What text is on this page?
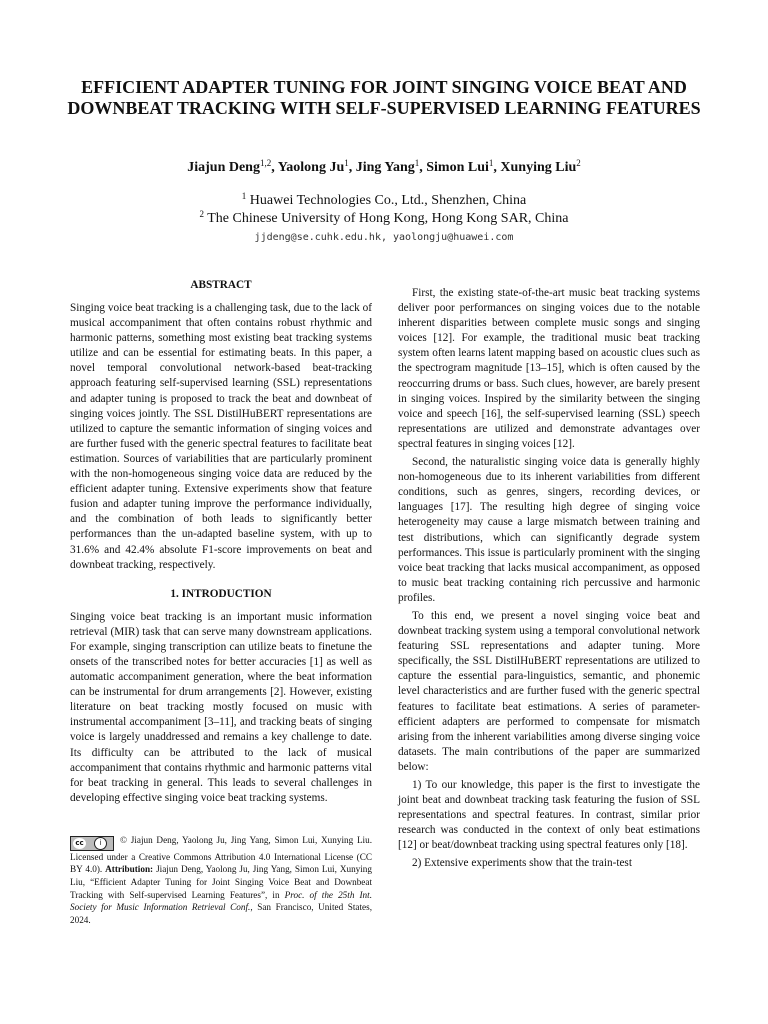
EFFICIENT ADAPTER TUNING FOR JOINT SINGING VOICE BEAT AND DOWNBEAT TRACKING WITH SELF-SUPERVISED LEARNING FEATURES
Jiajun Deng$^{1,2}$, Yaolong Ju$^1$, Jing Yang$^1$, Simon Lui$^1$, Xunying Liu$^2$
$^1$ Huawei Technologies Co., Ltd., Shenzhen, China
$^2$ The Chinese University of Hong Kong, Hong Kong SAR, China
jjdeng@se.cuhk.edu.hk, yaolongju@huawei.com
ABSTRACT

Singing voice beat tracking is a challenging task, due to the lack of musical accompaniment that often contains robust rhythmic and harmonic patterns, something most existing beat tracking systems utilize and can be essential for estimating beats. In this paper, a novel temporal convolutional network-based beat-tracking approach featuring self-supervised learning (SSL) representations and adapter tuning is proposed to track the beat and downbeat of singing voices jointly. The SSL DistilHuBERT representations are utilized to capture the semantic information of singing voices and are further fused with the generic spectral features to facilitate beat estimation. Sources of variabilities that are particularly prominent with the non-homogeneous singing voice data are reduced by the efficient adapter tuning. Extensive experiments show that feature fusion and adapter tuning improve the performance individually, and the combination of both leads to significantly better performances than the un-adapted baseline system, with up to 31.6% and 42.4% absolute F1-score improvements on beat and downbeat tracking, respectively.

1. INTRODUCTION

Singing voice beat tracking is an important music information retrieval (MIR) task that can serve many downstream applications. For example, singing transcription can utilize beats to finetune the onsets of the transcribed notes for better accuracies [1] as well as automatic accompaniment generation, where the beat information can be instrumental for drum arrangements [2]. However, existing literature on beat tracking mostly focused on music with instrumental accompaniment [3–11], and tracking beats of singing voice is largely unaddressed and remains a key challenge to date. Its difficulty can be attributed to the lack of musical accompaniment that contains rhythmic and harmonic patterns vital for beat tracking in general. This leads to several challenges in developing effective singing voice beat tracking systems.

cc	i	© Jiajun Deng, Yaolong Ju, Jing Yang, Simon Lui, Xunying Liu. Licensed under a Creative Commons Attribution 4.0 International License (CC BY 4.0). Attribution: Jiajun Deng, Yaolong Ju, Jing Yang, Simon Lui, Xunying Liu, “Efficient Adapter Tuning for Joint Singing Voice Beat and Downbeat Tracking with Self-supervised Learning Features”, in Proc. of the 25th Int. Society for Music Information Retrieval Conf., San Francisco, United States, 2024.

First, the existing state-of-the-art music beat tracking systems deliver poor performances on singing voices due to the notable inherent disparities between complete music songs and singing voices [12]. For example, the traditional music beat tracking system often learns latent mapping based on acoustic clues such as the spectrogram magnitude [13–15], which is often caused by the reoccurring drums or bass. Such clues, however, are barely present in singing voices. Inspired by the similarity between the singing voice and speech [16], the self-supervised learning (SSL) speech representations are utilized and demonstrate advantages over spectral features in singing voices [12].

Second, the naturalistic singing voice data is generally highly non-homogeneous due to its inherent variabilities from different conditions, such as genres, singers, recording devices, or languages [17]. The resulting high degree of singing voice heterogeneity may cause a large mismatch between training and test distributions, which can significantly degrade system performances. This issue is particularly prominent with the singing voice beat tracking that lacks musical accompaniment, as opposed to music beat tracking containing rich percussive and harmonic profiles.

To this end, we present a novel singing voice beat and downbeat tracking system using a temporal convolutional network featuring SSL representations and adapter tuning. More specifically, the SSL DistilHuBERT representations are utilized to capture the essential para-linguistics, semantic, and phonemic level characteristics and are further fused with the generic spectral features to facilitate beat estimations. A series of parameter-efficient adapters are performed to compensate for mismatch arising from the inherent variabilities among diverse singing voice datasets. The main contributions of the paper are summarized below:

1) To our knowledge, this paper is the first to investigate the joint beat and downbeat tracking task featuring the fusion of SSL representations and spectral features. In contrast, similar prior research was conducted in the context of only beat estimations [12] or beat/downbeat tracking using spectral features only [18].

2) Extensive experiments show that the train-test
